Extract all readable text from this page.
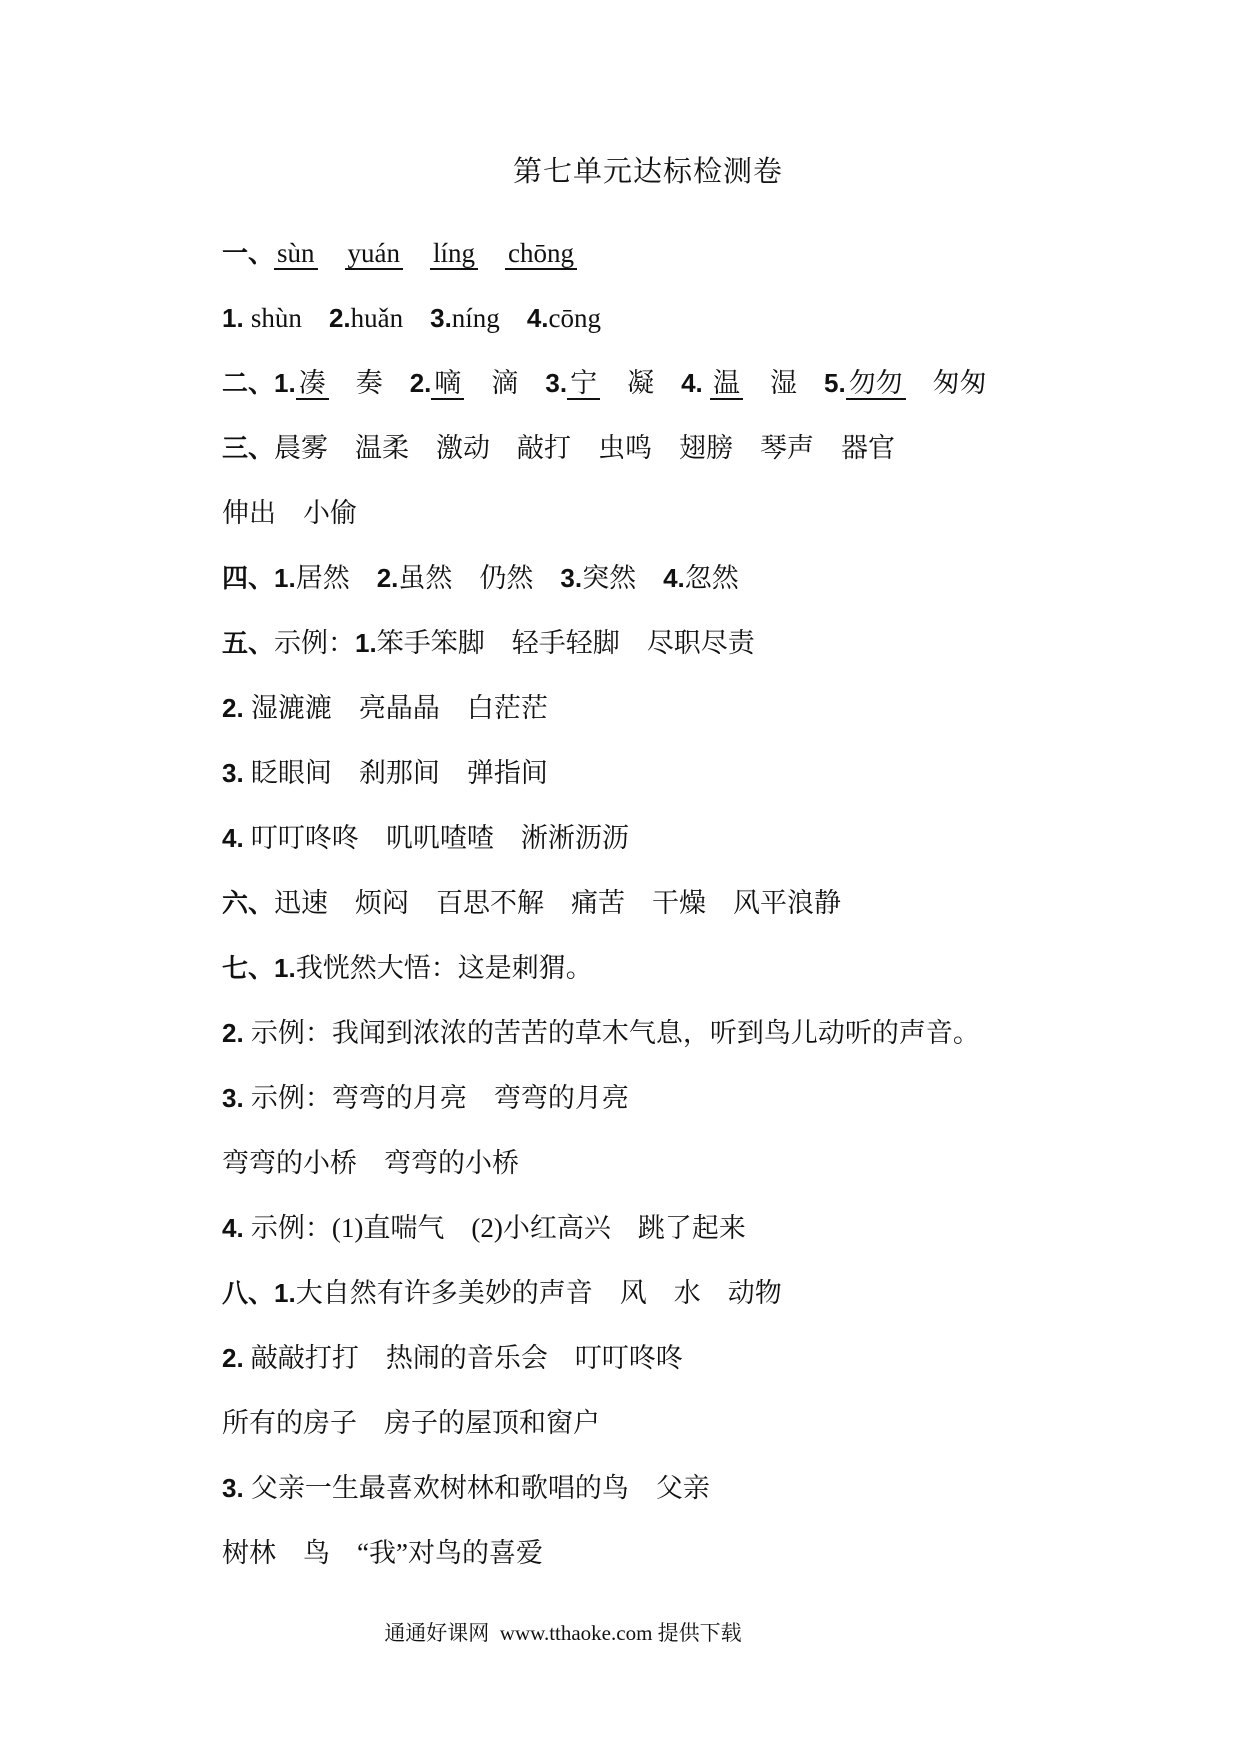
第七单元达标检测卷
一、 sùn　 yuán　 líng　 chōng
1. shùn　2.huǎn　3.níng　4.cōng
二、1. 凑　奏　2. 嘀　滴　3. 宁　凝　4. 温　湿　5. 勿勿　匆匆
三、晨雾　温柔　激动　敲打　虫鸣　翅膀　琴声　器官
伸出　小偷
四、1.居然　2.虽然　仍然　3.突然　4.忽然
五、示例：1.笨手笨脚　轻手轻脚　尽职尽责
2. 湿漉漉　亮晶晶　白茫茫
3. 眨眼间　刹那间　弹指间
4. 叮叮咚咚　叽叽喳喳　淅淅沥沥
六、迅速　烦闷　百思不解　痛苦　干燥　风平浪静
七、1.我恍然大悟：这是刺猬。
2. 示例：我闻到浓浓的苦苦的草木气息，听到鸟儿动听的声音。
3. 示例：弯弯的月亮　弯弯的月亮
弯弯的小桥　弯弯的小桥
4. 示例：(1)直喘气　(2)小红高兴　跳了起来
八、1.大自然有许多美妙的声音　风　水　动物
2. 敲敲打打　热闹的音乐会　叮叮咚咚
所有的房子　房子的屋顶和窗户
3. 父亲一生最喜欢树林和歌唱的鸟　父亲
树林　鸟　“我”对鸟的喜爱
通通好课网  www.tthaoke.com 提供下载
